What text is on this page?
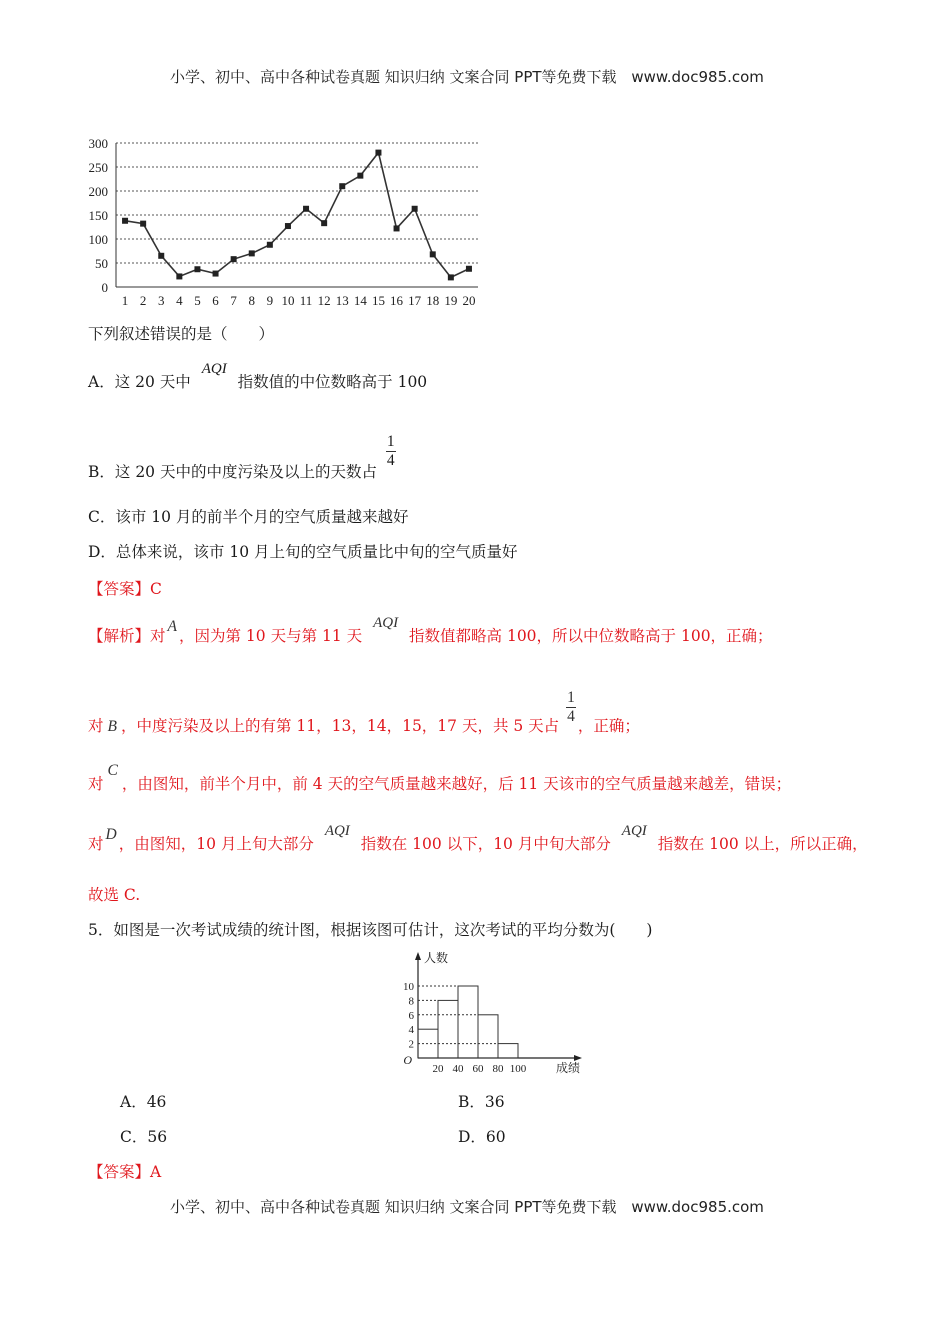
小学、初中、高中各种试卷真题 知识归纳 文案合同 PPT等免费下载 www.doc985.com
0
50
100
150
200
250
300
1 2 3 4 5 6 7 8 9 10 11 12 13 14 15 16 17 18 19 20
下列叙述错误的是（　　）
A．这 20 天中 AQI 指数值的中位数略高于 100
B．这 20 天中的中度污染及以上的天数占
$\frac{1}{4}$
C．该市 10 月的前半个月的空气质量越来越好
D．总体来说，该市 10 月上旬的空气质量比中旬的空气质量好
【答案】C
【解析】对A，因为第 10 天与第 11 天 AQI 指数值都略高 100，所以中位数略高于 100，正确；
对 B ，中度污染及以上的有第 11，13，14，15，17 天，共 5 天占
$\frac{1}{4}$
，正确；
对C，由图知，前半个月中，前 4 天的空气质量越来越好，后 11 天该市的空气质量越来越差，错误；
对D，由图知，10 月上旬大部分 AQI 指数在 100 以下，10 月中旬大部分 AQI 指数在 100 以上，所以正确，
故选 C.
5．如图是一次考试成绩的统计图，根据该图可估计，这次考试的平均分数为(　　)
2
4
6
8
10
20 40 60 80 100
O
人数
成绩
A．46	B．36
C．56	D．60
【答案】A
小学、初中、高中各种试卷真题 知识归纳 文案合同 PPT等免费下载 www.doc985.com
